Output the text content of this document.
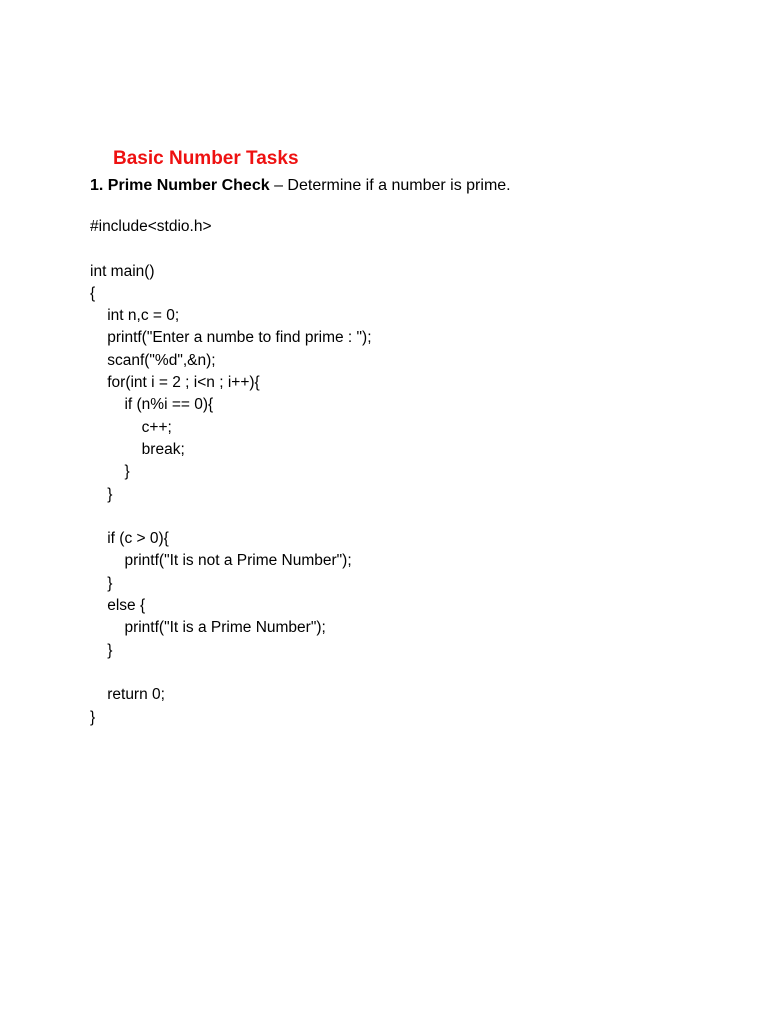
Basic Number Tasks

1. Prime Number Check – Determine if a number is prime.

#include<stdio.h>
int main()
{
int n,c = 0;
printf("Enter a numbe to find prime : ");
scanf("%d",&n);
for(int i = 2 ; i<n ; i++){
if (n%i == 0){
c++;
break;
}
}
if (c > 0){
printf("It is not a Prime Number");
}
else {
printf("It is a Prime Number");
}
return 0;
}
